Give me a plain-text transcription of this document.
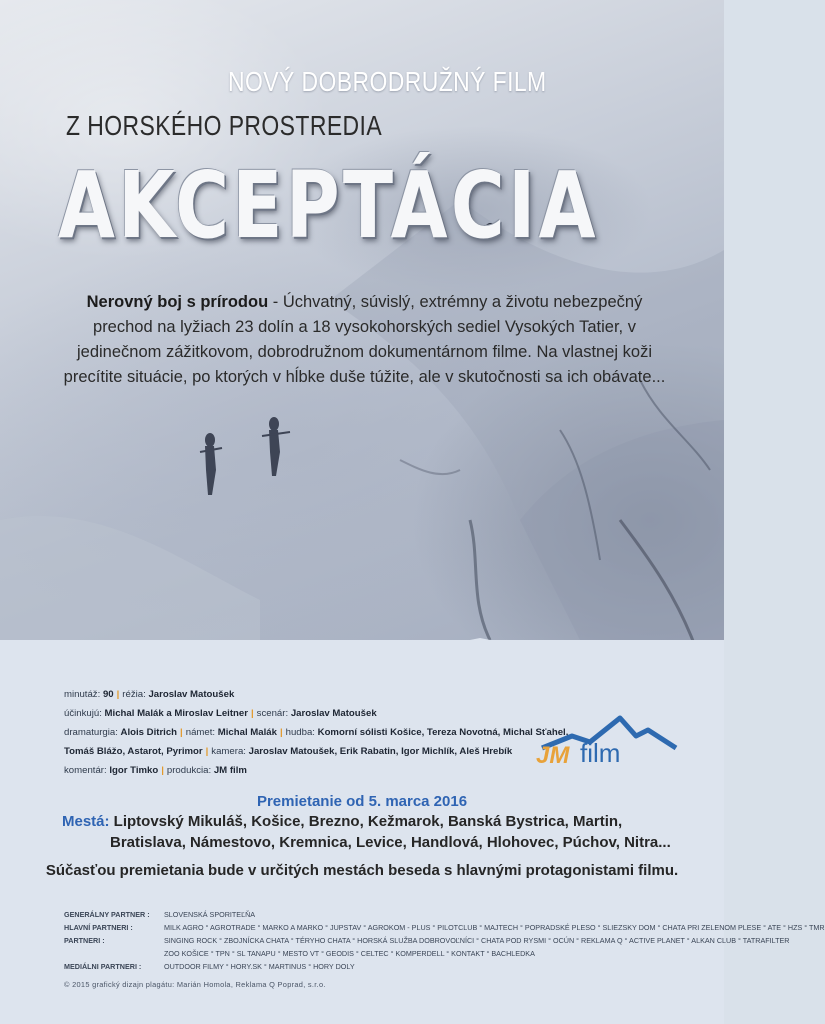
NOVÝ DOBRODRUŽNÝ FILM
Z HORSKÉHO PROSTREDIA
AKCEPTÁCIA
Nerovný boj s prírodou - Úchvatný, súvislý, extrémny a životu nebezpečný prechod na lyžiach 23 dolín a 18 vysokohorských sediel Vysokých Tatier, v jedinečnom zážitkovom, dobrodružnom dokumentárnom filme. Na vlastnej koži precítite situácie, po ktorých v hĺbke duše túžite, ale v skutočnosti sa ich obávate...
minutáž: 90 | réžia: Jaroslav Matoušek
účinkujú: Michal Malák a Miroslav Leitner | scenár: Jaroslav Matoušek
dramaturgia: Alois Ditrich | námet: Michal Malák | hudba: Komorní sólisti Košice, Tereza Novotná, Michal Sťahel,
Tomáš Blážo, Astarot, Pyrimor | kamera: Jaroslav Matoušek, Erik Rabatin, Igor Michlík, Aleš Hrebík
komentár: Igor Timko | produkcia: JM film
JM film
Premietanie od 5. marca 2016
Mestá: Liptovský Mikuláš, Košice, Brezno, Kežmarok, Banská Bystrica, Martin,
Bratislava, Námestovo, Kremnica, Levice, Handlová, Hlohovec, Púchov, Nitra...
Súčasťou premietania bude v určitých mestách beseda s hlavnými protagonistami filmu.
GENERÁLNY PARTNER :	SLOVENSKÁ SPORITEĽŇA
HLAVNÍ PARTNERI :	MILK AGRO ° AGROTRADE ° MARKO A MARKO ° JUPSTAV ° AGROKOM - PLUS ° PILOTCLUB ° MAJTECH ° POPRADSKÉ PLESO ° SLIEZSKY DOM ° CHATA PRI ZELENOM PLESE ° ATE ° HZS ° TMR
PARTNERI :	SINGING ROCK ° ZBOJNÍCKA CHATA ° TÉRYHO CHATA ° HORSKÁ SLUŽBA DOBROVOĽNÍCI ° CHATA POD RYSMI ° OCÚN ° REKLAMA Q ° ACTIVE PLANET ° ALKAN CLUB ° TATRAFILTER
ZOO KOŠICE ° TPN ° SL TANAPU ° MESTO VT ° GEODIS ° CELTEC ° KOMPERDELL ° KONTAKT ° BACHLEDKA
MEDIÁLNI PARTNERI :	OUTDOOR FILMY ° HORY.SK ° MARTINUS ° HORY DOLY
© 2015 grafický dizajn plagátu: Marián Homola, Reklama Q Poprad, s.r.o.
